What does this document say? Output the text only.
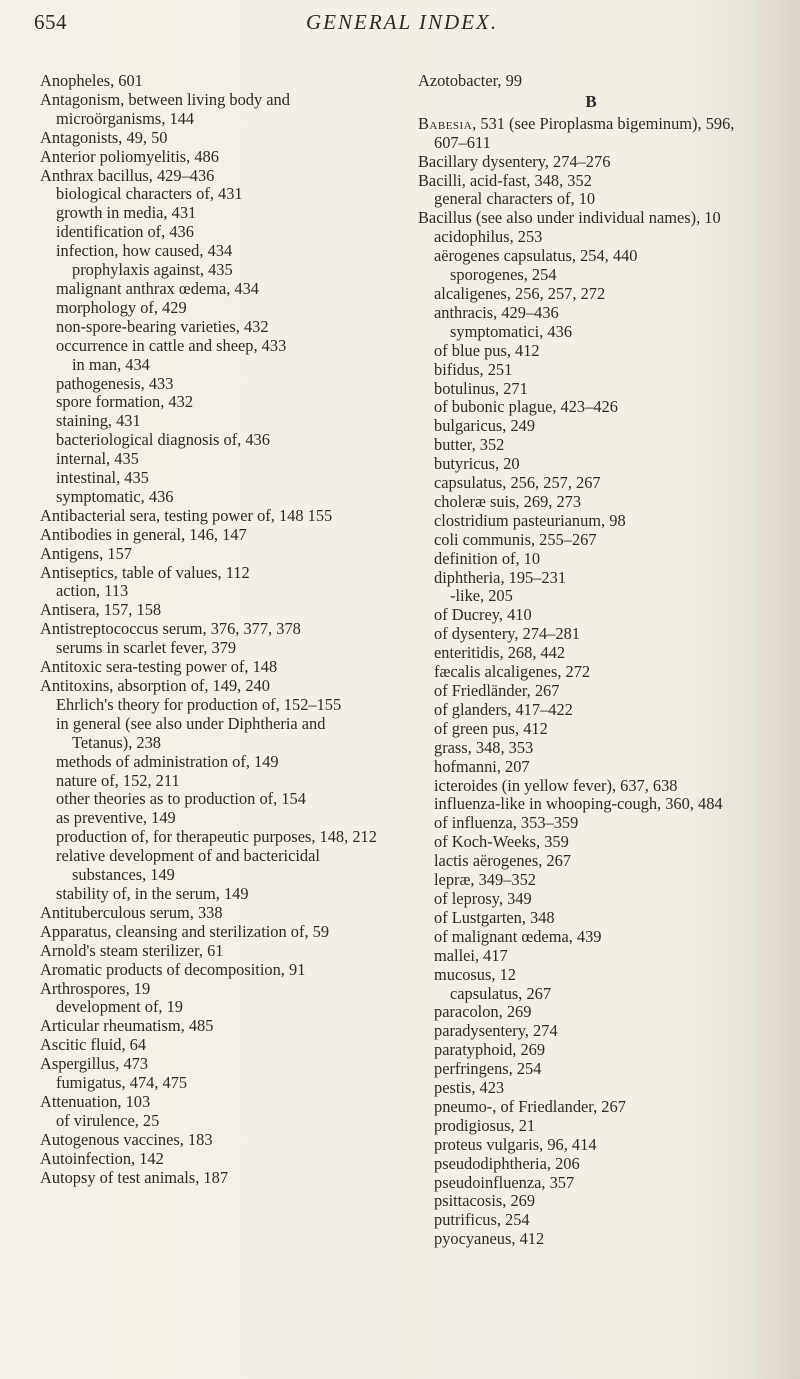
654	GENERAL INDEX.
Anopheles, 601
Antagonism, between living body and microörganisms, 144
Antagonists, 49, 50
Anterior poliomyelitis, 486
Anthrax bacillus, 429–436
biological characters of, 431
growth in media, 431
identification of, 436
infection, how caused, 434
prophylaxis against, 435
malignant anthrax œdema, 434
morphology of, 429
non-spore-bearing varieties, 432
occurrence in cattle and sheep, 433
in man, 434
pathogenesis, 433
spore formation, 432
staining, 431
bacteriological diagnosis of, 436
internal, 435
intestinal, 435
symptomatic, 436
Antibacterial sera, testing power of, 148 155
Antibodies in general, 146, 147
Antigens, 157
Antiseptics, table of values, 112
action, 113
Antisera, 157, 158
Antistreptococcus serum, 376, 377, 378
serums in scarlet fever, 379
Antitoxic sera-testing power of, 148
Antitoxins, absorption of, 149, 240
Ehrlich's theory for production of, 152–155
in general (see also under Diphtheria and Tetanus), 238
methods of administration of, 149
nature of, 152, 211
other theories as to production of, 154
as preventive, 149
production of, for therapeutic purposes, 148, 212
relative development of and bactericidal substances, 149
stability of, in the serum, 149
Antituberculous serum, 338
Apparatus, cleansing and sterilization of, 59
Arnold's steam sterilizer, 61
Aromatic products of decomposition, 91
Arthrospores, 19
development of, 19
Articular rheumatism, 485
Ascitic fluid, 64
Aspergillus, 473
fumigatus, 474, 475
Attenuation, 103
of virulence, 25
Autogenous vaccines, 183
Autoinfection, 142
Autopsy of test animals, 187
Azotobacter, 99
B
Babesia, 531 (see Piroplasma bigeminum), 596, 607–611
Bacillary dysentery, 274–276
Bacilli, acid-fast, 348, 352
general characters of, 10
Bacillus (see also under individual names), 10
acidophilus, 253
aërogenes capsulatus, 254, 440
sporogenes, 254
alcaligenes, 256, 257, 272
anthracis, 429–436
symptomatici, 436
of blue pus, 412
bifidus, 251
botulinus, 271
of bubonic plague, 423–426
bulgaricus, 249
butter, 352
butyricus, 20
capsulatus, 256, 257, 267
choleræ suis, 269, 273
clostridium pasteurianum, 98
coli communis, 255–267
definition of, 10
diphtheria, 195–231
-like, 205
of Ducrey, 410
of dysentery, 274–281
enteritidis, 268, 442
fæcalis alcaligenes, 272
of Friedländer, 267
of glanders, 417–422
of green pus, 412
grass, 348, 353
hofmanni, 207
icteroides (in yellow fever), 637, 638
influenza-like in whooping-cough, 360, 484
of influenza, 353–359
of Koch-Weeks, 359
lactis aërogenes, 267
lepræ, 349–352
of leprosy, 349
of Lustgarten, 348
of malignant œdema, 439
mallei, 417
mucosus, 12
capsulatus, 267
paracolon, 269
paradysentery, 274
paratyphoid, 269
perfringens, 254
pestis, 423
pneumo-, of Friedlander, 267
prodigiosus, 21
proteus vulgaris, 96, 414
pseudodiphtheria, 206
pseudoinfluenza, 357
psittacosis, 269
putrificus, 254
pyocyaneus, 412
